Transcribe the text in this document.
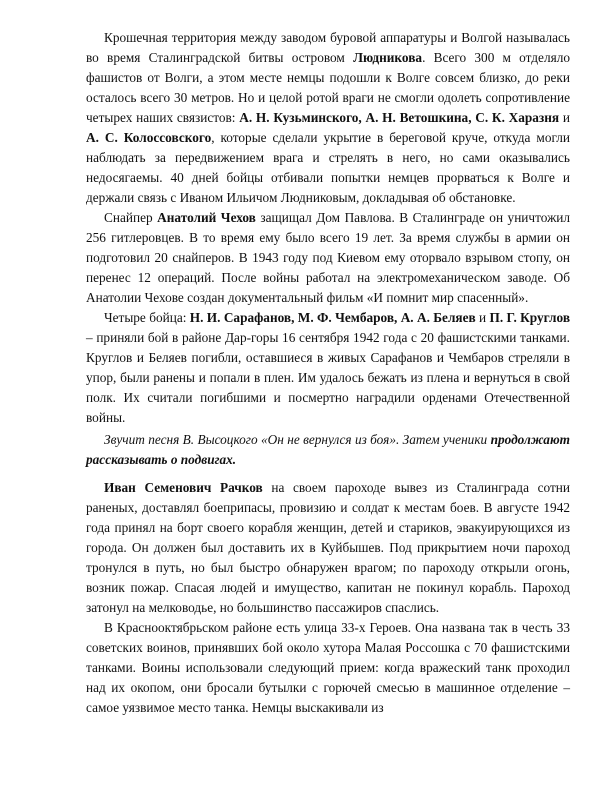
Крошечная территория между заводом буровой аппаратуры и Волгой называлась во время Сталинградской битвы островом Людникова. Всего 300 м отделяло фашистов от Волги, а этом месте немцы подошли к Волге совсем близко, до реки осталось всего 30 метров. Но и целой ротой враги не смогли одолеть сопротивление четырех наших связистов: А. Н. Кузьминского, А. Н. Ветошкина, С. К. Харазня и А. С. Колоссовского, которые сделали укрытие в береговой круче, откуда могли наблюдать за передвижением врага и стрелять в него, но сами оказывались недосягаемы. 40 дней бойцы отбивали попытки немцев прорваться к Волге и держали связь с Иваном Ильичом Людниковым, докладывая об обстановке.

Снайпер Анатолий Чехов защищал Дом Павлова. В Сталинграде он уничтожил 256 гитлеровцев. В то время ему было всего 19 лет. За время службы в армии он подготовил 20 снайперов. В 1943 году под Киевом ему оторвало взрывом стопу, он перенес 12 операций. После войны работал на электромеханическом заводе. Об Анатолии Чехове создан документальный фильм «И помнит мир спасенный».

Четыре бойца: Н. И. Сарафанов, М. Ф. Чембаров, А. А. Беляев и П. Г. Круглов – приняли бой в районе Дар-горы 16 сентября 1942 года с 20 фашистскими танками. Круглов и Беляев погибли, оставшиеся в живых Сарафанов и Чембаров стреляли в упор, были ранены и попали в плен. Им удалось бежать из плена и вернуться в свой полк. Их считали погибшими и посмертно наградили орденами Отечественной войны.

Звучит песня В. Высоцкого «Он не вернулся из боя». Затем ученики продолжают рассказывать о подвигах.

Иван Семенович Рачков на своем пароходе вывез из Сталинграда сотни раненых, доставлял боеприпасы, провизию и солдат к местам боев. В августе 1942 года принял на борт своего корабля женщин, детей и стариков, эвакуирующихся из города. Он должен был доставить их в Куйбышев. Под прикрытием ночи пароход тронулся в путь, но был быстро обнаружен врагом; по пароходу открыли огонь, возник пожар. Спасая людей и имущество, капитан не покинул корабль. Пароход затонул на мелководье, но большинство пассажиров спаслись.

В Краснооктябрьском районе есть улица 33-х Героев. Она названа так в честь 33 советских воинов, принявших бой около хутора Малая Россошка с 70 фашистскими танками. Воины использовали следующий прием: когда вражеский танк проходил над их окопом, они бросали бутылки с горючей смесью в машинное отделение – самое уязвимое место танка. Немцы выскакивали из
